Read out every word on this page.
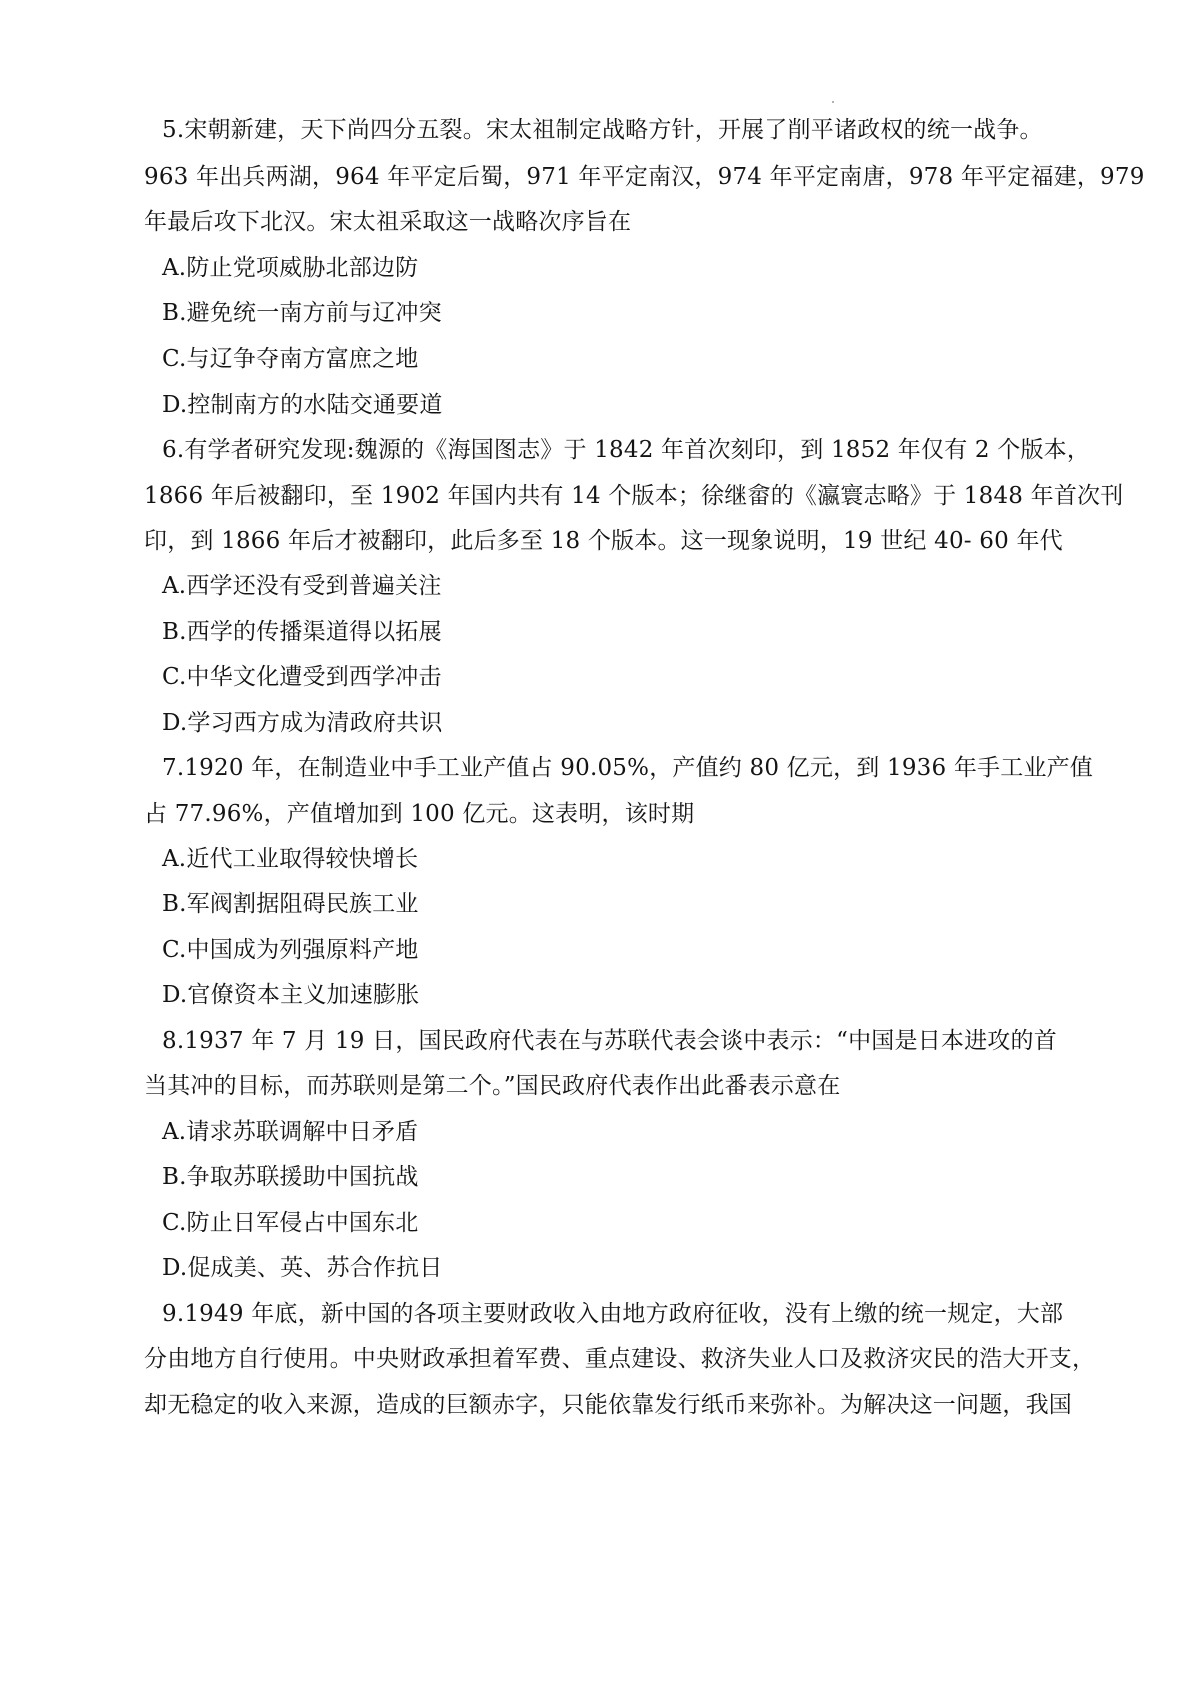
5.宋朝新建，天下尚四分五裂。宋太祖制定战略方针，开展了削平诸政权的统一战争。
963 年出兵两湖，964 年平定后蜀，971 年平定南汉，974 年平定南唐，978 年平定福建，979
年最后攻下北汉。宋太祖采取这一战略次序旨在
A.防止党项威胁北部边防
B.避免统一南方前与辽冲突
C.与辽争夺南方富庶之地
D.控制南方的水陆交通要道
6.有学者研究发现:魏源的《海国图志》于 1842 年首次刻印，到 1852 年仅有 2 个版本，
1866 年后被翻印，至 1902 年国内共有 14 个版本；徐继畲的《瀛寰志略》于 1848 年首次刊
印，到 1866 年后才被翻印，此后多至 18 个版本。这一现象说明，19 世纪 40- 60 年代
A.西学还没有受到普遍关注
B.西学的传播渠道得以拓展
C.中华文化遭受到西学冲击
D.学习西方成为清政府共识
7.1920 年，在制造业中手工业产值占 90.05%，产值约 80 亿元，到 1936 年手工业产值
占 77.96%，产值增加到 100 亿元。这表明，该时期
A.近代工业取得较快增长
B.军阀割据阻碍民族工业
C.中国成为列强原料产地
D.官僚资本主义加速膨胀
8.1937 年 7 月 19 日，国民政府代表在与苏联代表会谈中表示：“中国是日本进攻的首
当其冲的目标，而苏联则是第二个。”国民政府代表作出此番表示意在
A.请求苏联调解中日矛盾
B.争取苏联援助中国抗战
C.防止日军侵占中国东北
D.促成美、英、苏合作抗日
9.1949 年底，新中国的各项主要财政收入由地方政府征收，没有上缴的统一规定，大部
分由地方自行使用。中央财政承担着军费、重点建设、救济失业人口及救济灾民的浩大开支，
却无稳定的收入来源，造成的巨额赤字，只能依靠发行纸币来弥补。为解决这一问题，我国
